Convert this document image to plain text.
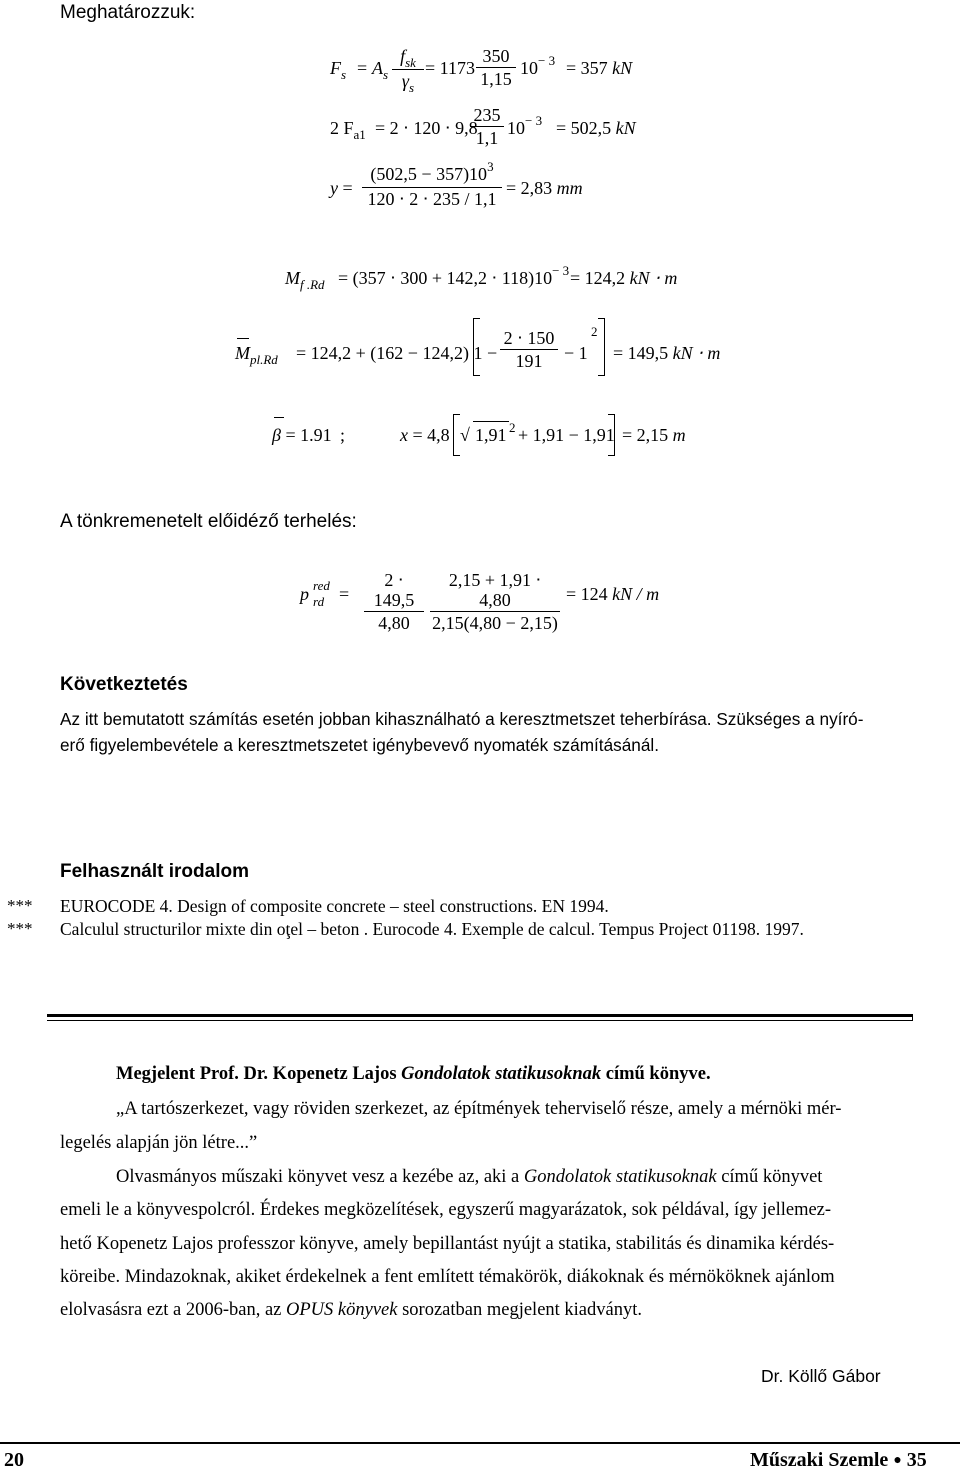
Meghatározzuk:
$F_s = A_s$
$f_{sk}$
$\gamma_s$
= 1173
350
1,15
$10^{- 3} = 357$ kN
2 $F_{a1} = 2 \cdot 120 \cdot 9,8$
235
1,1 $10^{- 3} = 502,5$ kN
y =
$(502,5 - 357)10^3$
120 ⋅ 2 ⋅ 235 / 1,1
= 2,83 mm
$M_{f .Rd} = (357 \cdot 300 + 142,2 \cdot 118)10^{- 3} = 124,2$ kN ⋅ m
$M_{pl.Rd} = 124,2 + (162 - 124,2) 1$ −
2 ⋅ 150
191	− 1
2
= 149,5 kN ⋅ m
β = 1.91 ;	x = 4,8 √ 1,91 2 + 1,91 − 1,91 = 2,15 m
A tönkremenetelt előidéző terhelés:
p red
rd =
2 ⋅ 149,5
4,80
2,15 + 1,91 ⋅ 4,80
2,15(4,80 − 2,15)
= 124 kN / m
Következtetés
Az itt bemutatott számítás esetén jobban kihasználható a keresztmetszet teherbírása. Szükséges a nyíró-
erő figyelembevétele a keresztmetszetet igénybevevő nyomaték számításánál.
Felhasznált irodalom
*** EUROCODE 4. Design of composite concrete – steel constructions. EN 1994.
*** Calculul structurilor mixte din oţel – beton . Eurocode 4. Exemple de calcul. Tempus Project 01198. 1997.
Megjelent Prof. Dr. Kopenetz Lajos Gondolatok statikusoknak című könyve.
„A tartószerkezet, vagy röviden szerkezet, az építmények teherviselő része, amely a mérnöki mér-
legelés alapján jön létre...”
Olvasmányos műszaki könyvet vesz a kezébe az, aki a Gondolatok statikusoknak című könyvet
emeli le a könyvespolcról. Érdekes megközelítések, egyszerű magyarázatok, sok példával, így jellemez-
hető Kopenetz Lajos professzor könyve, amely bepillantást nyújt a statika, stabilitás és dinamika kérdés-
köreibe. Mindazoknak, akiket érdekelnek a fent említett témakörök, diákoknak és mérnököknek ajánlom
elolvasásra ezt a 2006-ban, az OPUS könyvek sorozatban megjelent kiadványt.
Dr. Köllő Gábor
20	Műszaki Szemle ● 35
